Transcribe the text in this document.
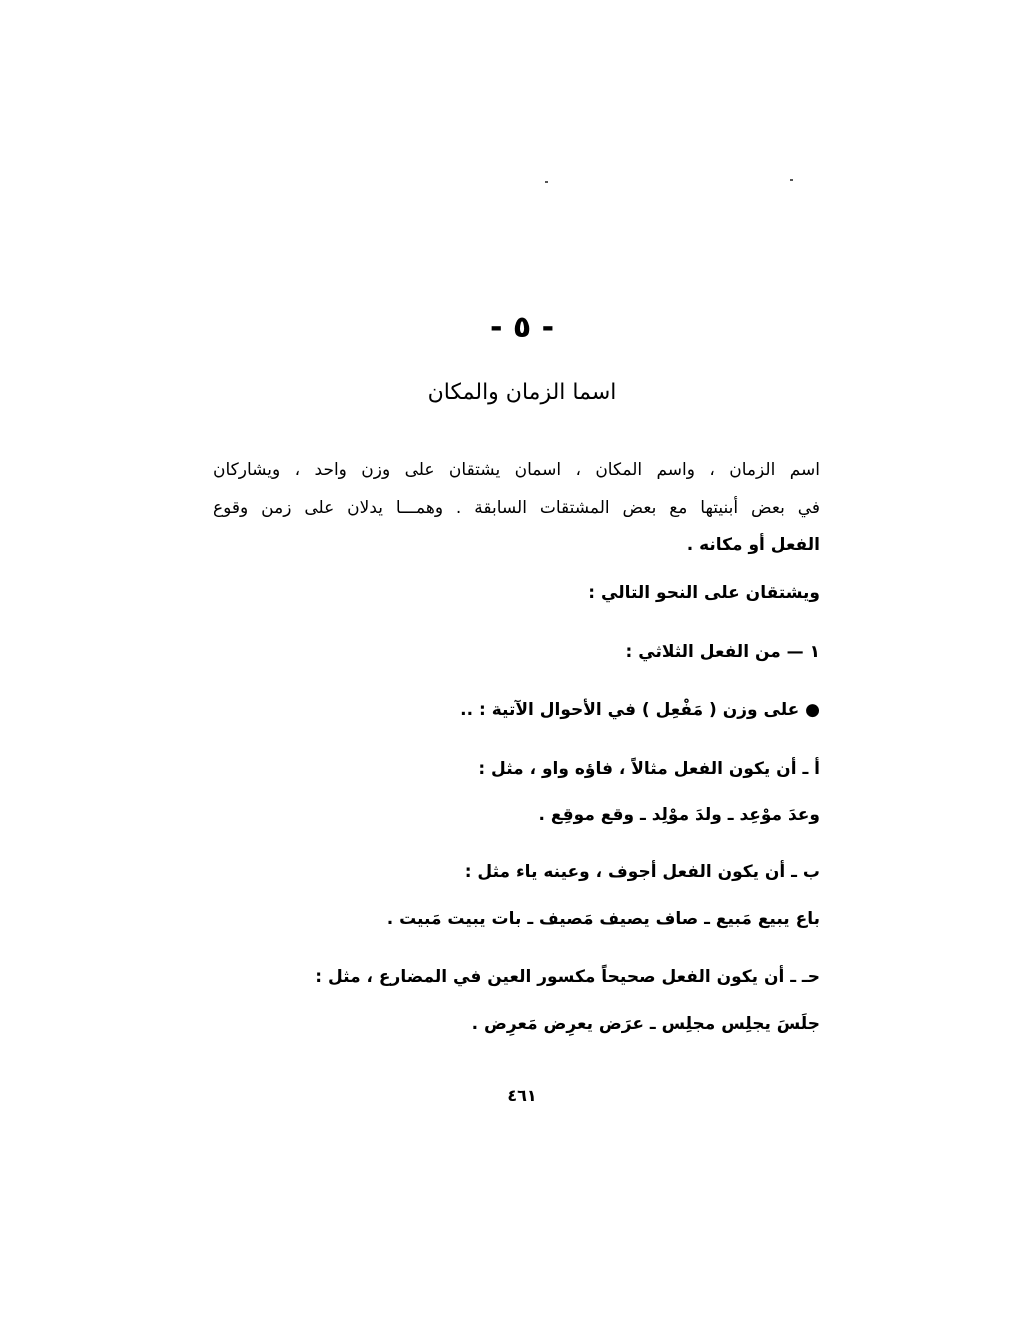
- ٥ -
اسما الزمان والمكان
اسم الزمان ، واسم المكان ، اسمان يشتقان على وزن واحد ، ويشاركان
في بعض أبنيتها مع بعض المشتقات السابقة . وهمـــا يدلان على زمن وقوع
الفعل أو مكانه .
ويشتقان على النحو التالي :
١ — من الفعل الثلاثي :
● على وزن ( مَفْعِل ) في الأحوال الآتية : ..
أ ـ أن يكون الفعل مثالاً ، فاؤه واو ، مثل :
وعدَ موْعِد ـ ولدَ موْلِد ـ وقع موقِع .
ب ـ أن يكون الفعل أجوف ، وعينه ياء مثل :
باع يبيع مَبيع ـ صاف يصيف مَصيف ـ بات يبيت مَبيت .
حـ ـ أن يكون الفعل صحيحاً مكسور العين في المضارع ، مثل :
جلَسَ يجلِس مجلِس ـ عرَض يعرِض مَعرِض .
٤٦١
